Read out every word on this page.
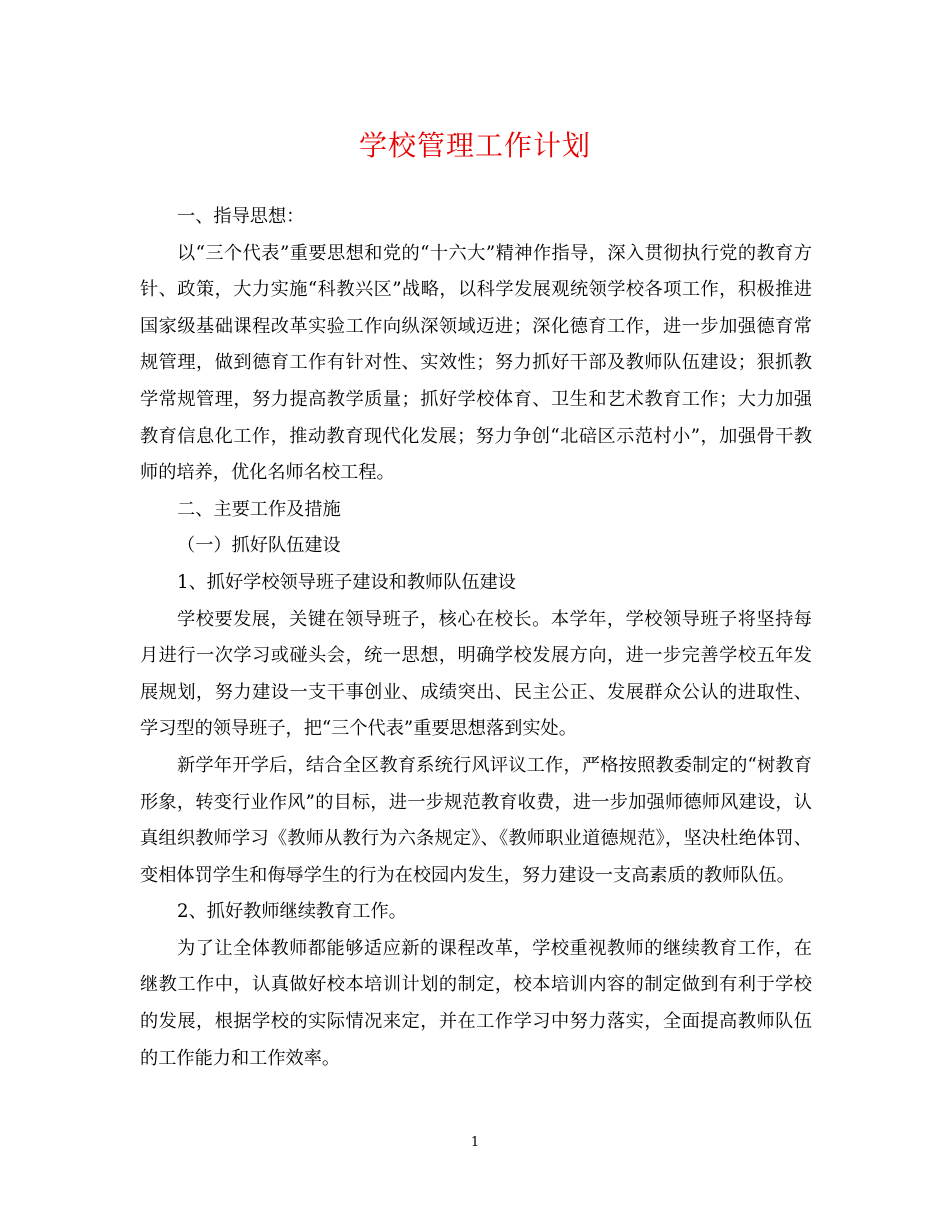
学校管理工作计划

一、指导思想：

以“三个代表”重要思想和党的“十六大”精神作指导，深入贯彻执行党的教育方针、政策，大力实施“科教兴区”战略，以科学发展观统领学校各项工作，积极推进国家级基础课程改革实验工作向纵深领域迈进；深化德育工作，进一步加强德育常规管理，做到德育工作有针对性、实效性；努力抓好干部及教师队伍建设；狠抓教学常规管理，努力提高教学质量；抓好学校体育、卫生和艺术教育工作；大力加强教育信息化工作，推动教育现代化发展；努力争创“北碚区示范村小”，加强骨干教师的培养，优化名师名校工程。

二、主要工作及措施

（一）抓好队伍建设

1、抓好学校领导班子建设和教师队伍建设

学校要发展，关键在领导班子，核心在校长。本学年，学校领导班子将坚持每月进行一次学习或碰头会，统一思想，明确学校发展方向，进一步完善学校五年发展规划，努力建设一支干事创业、成绩突出、民主公正、发展群众公认的进取性、学习型的领导班子，把“三个代表”重要思想落到实处。

新学年开学后，结合全区教育系统行风评议工作，严格按照教委制定的“树教育形象，转变行业作风”的目标，进一步规范教育收费，进一步加强师德师风建设，认真组织教师学习《教师从教行为六条规定》、《教师职业道德规范》，坚决杜绝体罚、变相体罚学生和侮辱学生的行为在校园内发生，努力建设一支高素质的教师队伍。

2、抓好教师继续教育工作。

为了让全体教师都能够适应新的课程改革，学校重视教师的继续教育工作，在继教工作中，认真做好校本培训计划的制定，校本培训内容的制定做到有利于学校的发展，根据学校的实际情况来定，并在工作学习中努力落实，全面提高教师队伍的工作能力和工作效率。

1
